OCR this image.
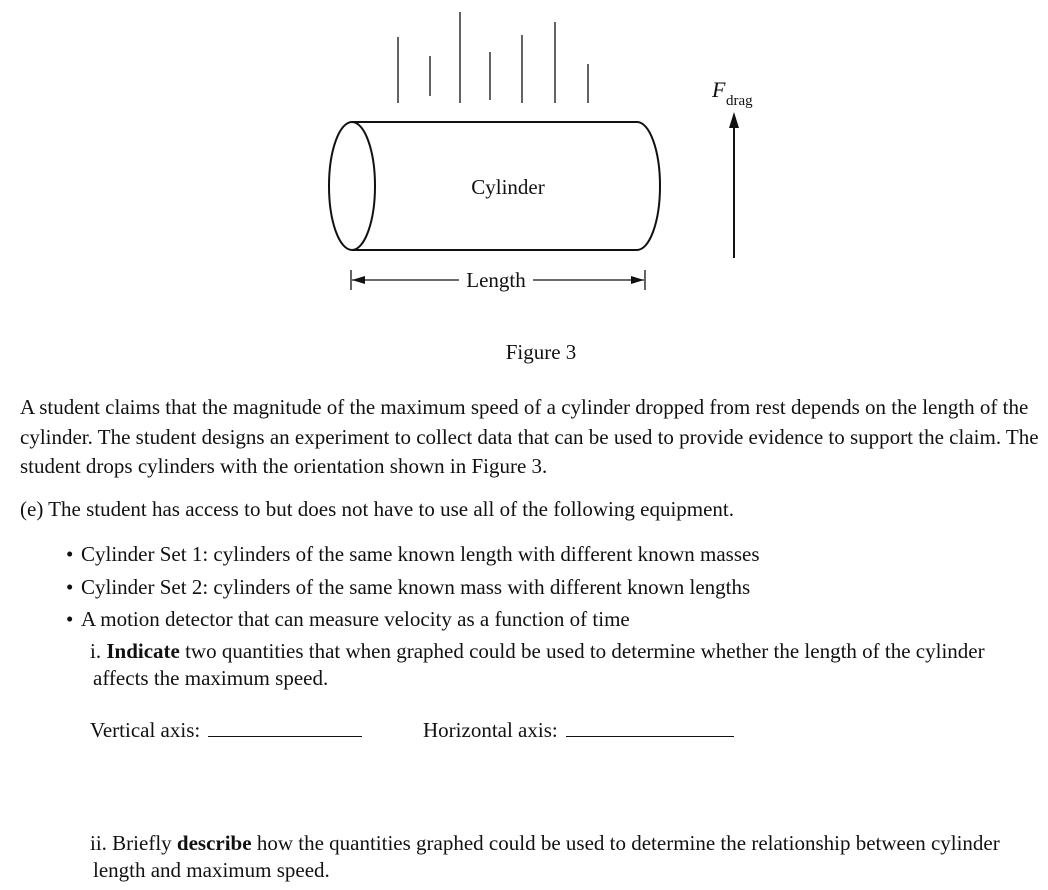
Cylinder
Length
F drag
Figure 3
A student claims that the magnitude of the maximum speed of a cylinder dropped from rest depends on the length of the cylinder. The student designs an experiment to collect data that can be used to provide evidence to support the claim. The student drops cylinders with the orientation shown in Figure 3.
(e) The student has access to but does not have to use all of the following equipment.
• Cylinder Set 1: cylinders of the same known length with different known masses
• Cylinder Set 2: cylinders of the same known mass with different known lengths
• A motion detector that can measure velocity as a function of time
i. Indicate two quantities that when graphed could be used to determine whether the length of the cylinder affects the maximum speed.
Vertical axis:	Horizontal axis:
ii. Briefly describe how the quantities graphed could be used to determine the relationship between cylinder length and maximum speed.
